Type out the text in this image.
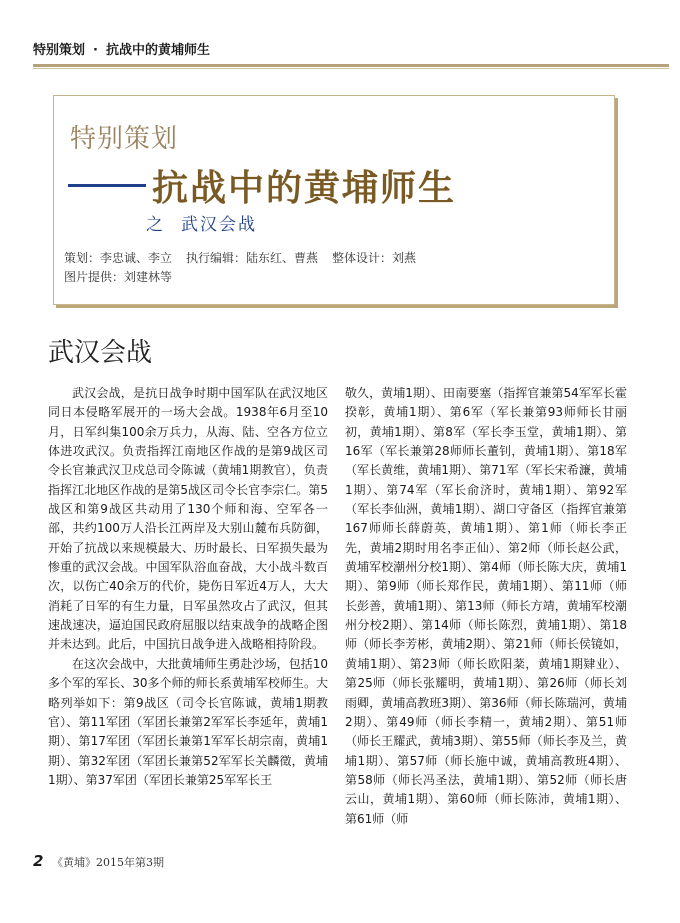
特别策划 · 抗战中的黄埔师生
特别策划
抗战中的黄埔师生
之 武汉会战
策划：李忠诚、李立 执行编辑：陆东红、曹燕 整体设计：刘燕
图片提供：刘建林等
武汉会战

武汉会战，是抗日战争时期中国军队在武汉地区同日本侵略军展开的一场大会战。1938年6月至10月，日军纠集100余万兵力，从海、陆、空各方位立体进攻武汉。负责指挥江南地区作战的是第9战区司令长官兼武汉卫戍总司令陈诚（黄埔1期教官），负责指挥江北地区作战的是第5战区司令长官李宗仁。第5战区和第9战区共动用了130个师和海、空军各一部，共约100万人沿长江两岸及大别山麓布兵防御，开始了抗战以来规模最大、历时最长、日军损失最为惨重的武汉会战。中国军队浴血奋战，大小战斗数百次，以伤亡40余万的代价，毙伤日军近4万人，大大消耗了日军的有生力量，日军虽然攻占了武汉，但其速战速决，逼迫国民政府屈服以结束战争的战略企图并未达到。此后，中国抗日战争进入战略相持阶段。

在这次会战中，大批黄埔师生勇赴沙场，包括10多个军的军长、30多个师的师长系黄埔军校师生。大略列举如下：第9战区（司令长官陈诚，黄埔1期教官）、第11军团（军团长兼第2军军长李延年，黄埔1期）、第17军团（军团长兼第1军军长胡宗南，黄埔1期）、第32军团（军团长兼第52军军长关麟徵，黄埔1期）、第37军团（军团长兼第25军军长王

敬久，黄埔1期）、田南要塞（指挥官兼第54军军长霍揆彰，黄埔1期）、第6军（军长兼第93师师长甘丽初，黄埔1期）、第8军（军长李玉堂，黄埔1期）、第16军（军长兼第28师师长董钊，黄埔1期）、第18军（军长黄维，黄埔1期）、第71军（军长宋希濂，黄埔1期）、第74军（军长俞济时，黄埔1期）、第92军（军长李仙洲，黄埔1期）、湖口守备区（指挥官兼第167师师长薛蔚英，黄埔1期）、第1师（师长李正先，黄埔2期时用名李正仙）、第2师（师长赵公武，黄埔军校潮州分校1期）、第4师（师长陈大庆，黄埔1期）、第9师（师长郑作民，黄埔1期）、第11师（师长彭善，黄埔1期）、第13师（师长方靖，黄埔军校潮州分校2期）、第14师（师长陈烈，黄埔1期）、第18师（师长李芳彬，黄埔2期）、第21师（师长侯镜如，黄埔1期）、第23师（师长欧阳棻，黄埔1期肄业）、第25师（师长张耀明，黄埔1期）、第26师（师长刘雨卿，黄埔高教班3期）、第36师（师长陈瑞河，黄埔2期）、第49师（师长李精一，黄埔2期）、第51师（师长王耀武，黄埔3期）、第55师（师长李及兰，黄埔1期）、第57师（师长施中诚，黄埔高教班4期）、第58师（师长冯圣法，黄埔1期）、第52师（师长唐云山，黄埔1期）、第60师（师长陈沛，黄埔1期）、第61师（师

2 《黄埔》2015年第3期
